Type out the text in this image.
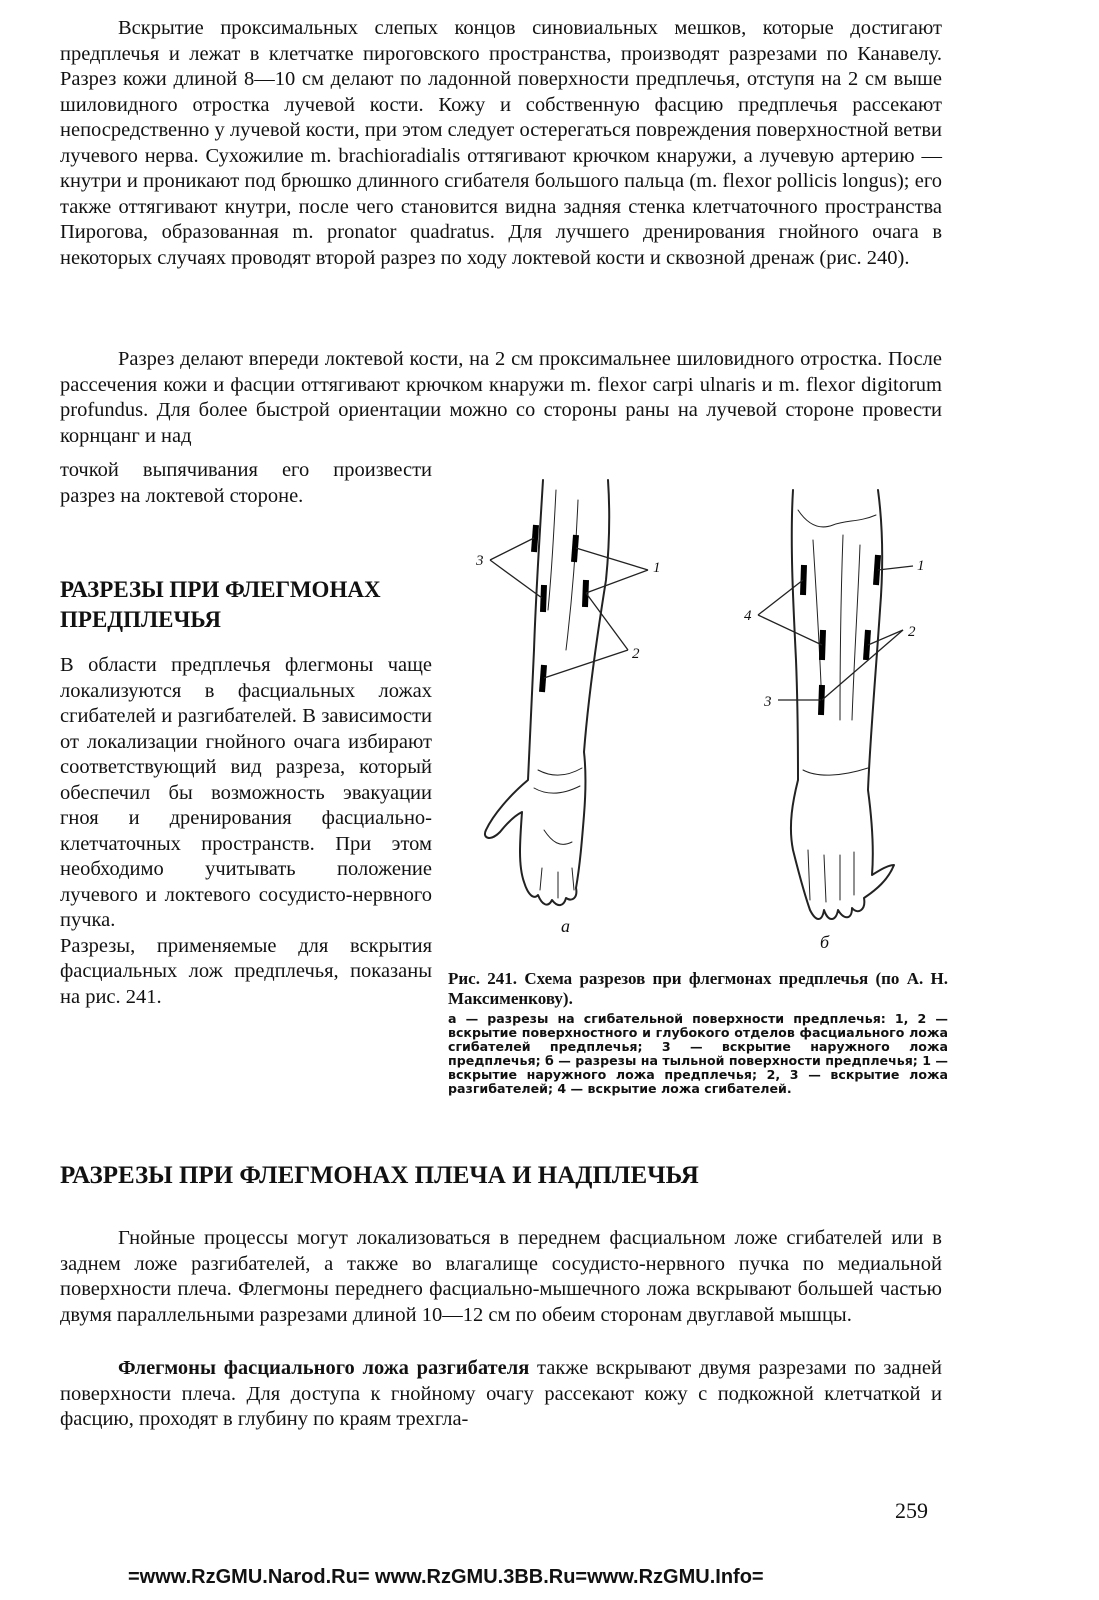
Вскрытие проксимальных слепых концов синовиальных мешков, которые достигают предплечья и лежат в клетчатке пироговского пространства, производят разрезами по Канавелу. Разрез кожи длиной 8—10 см делают по ладонной поверхности предплечья, отступя на 2 см выше шиловидного отростка лучевой кости. Кожу и собственную фасцию предплечья рассекают непосредственно у лучевой кости, при этом следует остерегаться повреждения поверхностной ветви лучевого нерва. Сухожилие m. brachioradialis оттягивают крючком кнаружи, а лучевую артерию — кнутри и проникают под брюшко длинного сгибателя большого пальца (m. flexor pollicis longus); его также оттягивают кнутри, после чего становится видна задняя стенка клетчаточного пространства Пирогова, образованная m. pronator quadratus. Для лучшего дренирования гнойного очага в некоторых случаях проводят второй разрез по ходу локтевой кости и сквозной дренаж (рис. 240).

Разрез делают впереди локтевой кости, на 2 см проксимальнее шиловидного отростка. После рассечения кожи и фасции оттягивают крючком кнаружи m. flexor carpi ulnaris и m. flexor digitorum profundus. Для более быстрой ориентации можно со стороны раны на лучевой стороне провести корнцанг и над

точкой выпячивания его произвести разрез на локтевой стороне.

РАЗРЕЗЫ ПРИ ФЛЕГМОНАХ ПРЕДПЛЕЧЬЯ

В области предплечья флегмоны чаще локализуются в фасциальных ложах сгибателей и разгибателей. В зависимости от локализации гнойного очага избирают соответствующий вид разреза, который обеспечил бы возможность эвакуации гноя и дренирования фасциально-клетчаточных пространств. При этом необходимо учитывать положение лучевого и локтевого сосудисто-нервного пучка.

Разрезы, применяемые для вскрытия фасциальных лож предплечья, показаны на рис. 241.

3	1
2
1
4
2
3
а
б

Рис. 241. Схема разрезов при флегмонах предплечья (по А. Н. Максименкову).

а — разрезы на сгибательной поверхности предплечья: 1, 2 — вскрытие поверхностного и глубокого отделов фасциального ложа сгибателей предплечья; 3 — вскрытие наружного ложа предплечья; б — разрезы на тыльной поверхности предплечья; 1 — вскрытие наружного ложа предплечья; 2, 3 — вскрытие ложа разгибателей; 4 — вскрытие ложа сгибателей.

РАЗРЕЗЫ ПРИ ФЛЕГМОНАХ ПЛЕЧА И НАДПЛЕЧЬЯ

Гнойные процессы могут локализоваться в переднем фасциальном ложе сгибателей или в заднем ложе разгибателей, а также во влагалище сосудисто-нервного пучка по медиальной поверхности плеча. Флегмоны переднего фасциально-мышечного ложа вскрывают большей частью двумя параллельными разрезами длиной 10—12 см по обеим сторонам двуглавой мышцы.

Флегмоны фасциального ложа разгибателя также вскрывают двумя разрезами по задней поверхности плеча. Для доступа к гнойному очагу рассекают кожу с подкожной клетчаткой и фасцию, проходят в глубину по краям трехгла-

259
=www.RzGMU.Narod.Ru= www.RzGMU.3BB.Ru=www.RzGMU.Info=
